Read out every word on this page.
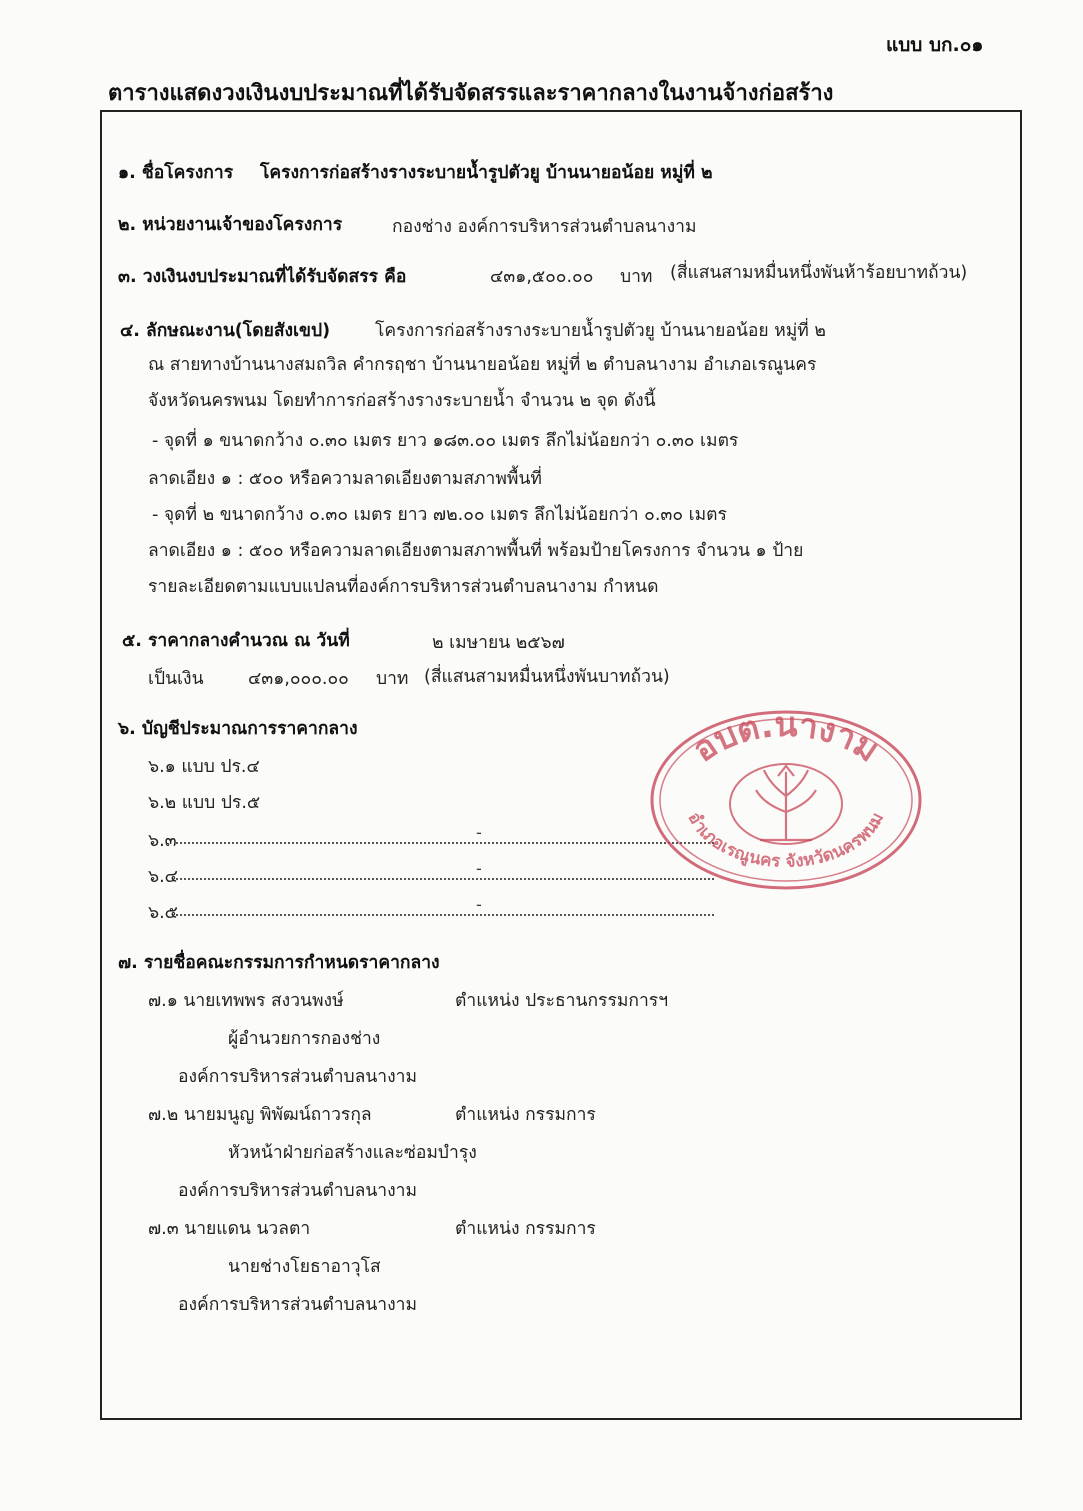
แบบ บก.๐๑
ตารางแสดงวงเงินงบประมาณที่ได้รับจัดสรรและราคากลางในงานจ้างก่อสร้าง
๑. ชื่อโครงการ โครงการก่อสร้างรางระบายน้ำรูปตัวยู บ้านนายอน้อย หมู่ที่ ๒
๒. หน่วยงานเจ้าของโครงการ	กองช่าง องค์การบริหารส่วนตำบลนางาม
๓. วงเงินงบประมาณที่ได้รับจัดสรร คือ	๔๓๑,๕๐๐.๐๐ บาท (สี่แสนสามหมื่นหนึ่งพันห้าร้อยบาทถ้วน)
๔. ลักษณะงาน(โดยสังเขป)	โครงการก่อสร้างรางระบายน้ำรูปตัวยู บ้านนายอน้อย หมู่ที่ ๒
ณ สายทางบ้านนางสมถวิล คำกรฤชา บ้านนายอน้อย หมู่ที่ ๒ ตำบลนางาม อำเภอเรณูนคร
จังหวัดนครพนม โดยทำการก่อสร้างรางระบายน้ำ จำนวน ๒ จุด ดังนี้
- จุดที่ ๑ ขนาดกว้าง ๐.๓๐ เมตร ยาว ๑๘๓.๐๐ เมตร ลึกไม่น้อยกว่า ๐.๓๐ เมตร
ลาดเอียง ๑ : ๕๐๐ หรือความลาดเอียงตามสภาพพื้นที่
- จุดที่ ๒ ขนาดกว้าง ๐.๓๐ เมตร ยาว ๗๒.๐๐ เมตร ลึกไม่น้อยกว่า ๐.๓๐ เมตร
ลาดเอียง ๑ : ๕๐๐ หรือความลาดเอียงตามสภาพพื้นที่ พร้อมป้ายโครงการ จำนวน ๑ ป้าย
รายละเอียดตามแบบแปลนที่องค์การบริหารส่วนตำบลนางาม กำหนด
๕. ราคากลางคำนวณ ณ วันที่	๒ เมษายน ๒๕๖๗
เป็นเงิน	๔๓๑,๐๐๐.๐๐ บาท (สี่แสนสามหมื่นหนึ่งพันบาทถ้วน)
๖. บัญชีประมาณการราคากลาง
๖.๑ แบบ ปร.๔
๖.๒ แบบ ปร.๕
๖.๓	-
๖.๔	-
๖.๕	-
อบต.นางาม
อำเภอเรณูนคร จังหวัดนครพนม
๗. รายชื่อคณะกรรมการกำหนดราคากลาง
๗.๑ นายเทพพร สงวนพงษ์	ตำแหน่ง ประธานกรรมการฯ
ผู้อำนวยการกองช่าง
องค์การบริหารส่วนตำบลนางาม
๗.๒ นายมนูญ พิพัฒน์ถาวรกุล	ตำแหน่ง กรรมการ
หัวหน้าฝ่ายก่อสร้างและซ่อมบำรุง
องค์การบริหารส่วนตำบลนางาม
๗.๓ นายแดน นวลตา	ตำแหน่ง กรรมการ
นายช่างโยธาอาวุโส
องค์การบริหารส่วนตำบลนางาม
